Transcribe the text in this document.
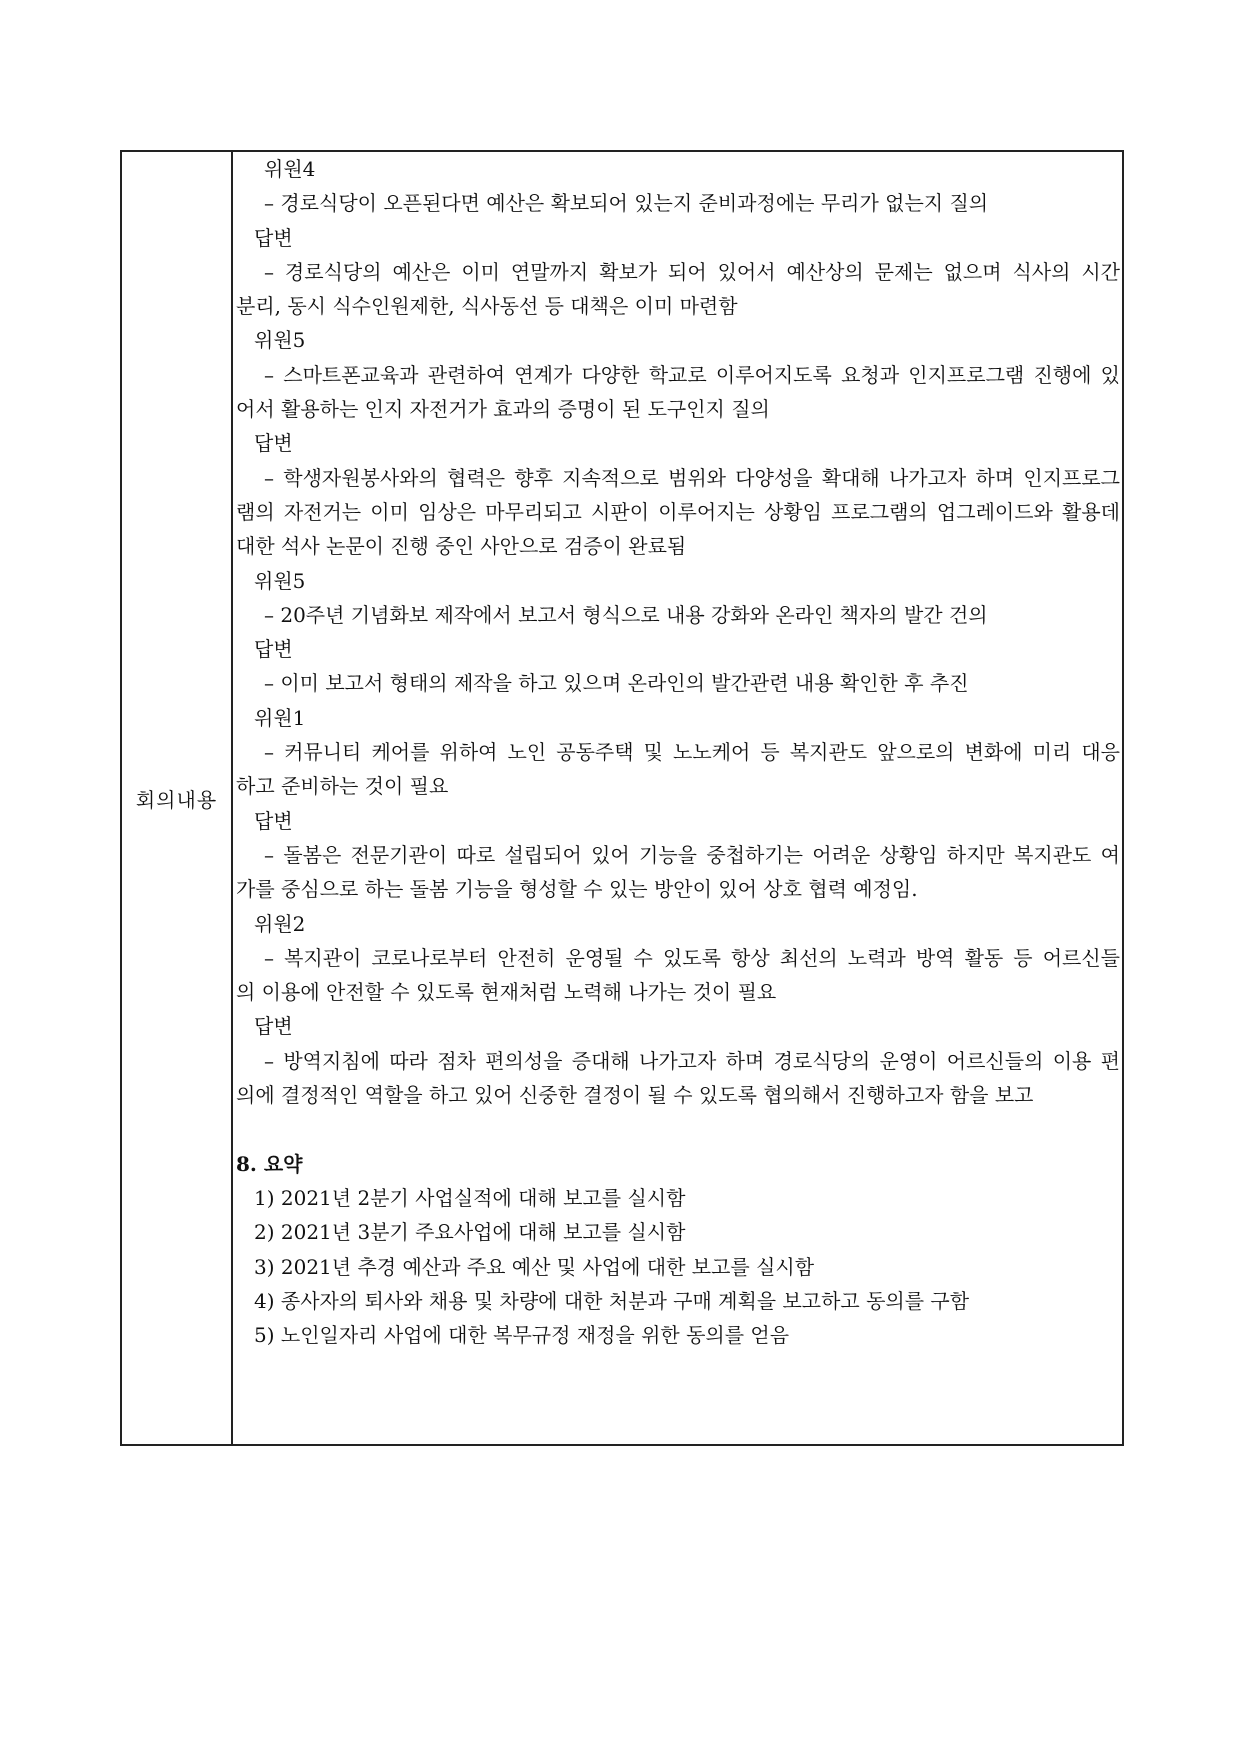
회의내용
위원4
– 경로식당이 오픈된다면 예산은 확보되어 있는지 준비과정에는 무리가 없는지 질의
답변
– 경로식당의 예산은 이미 연말까지 확보가 되어 있어서 예산상의 문제는 없으며 식사의 시간
분리, 동시 식수인원제한, 식사동선 등 대책은 이미 마련함
위원5
– 스마트폰교육과 관련하여 연계가 다양한 학교로 이루어지도록 요청과 인지프로그램 진행에 있
어서 활용하는 인지 자전거가 효과의 증명이 된 도구인지 질의
답변
– 학생자원봉사와의 협력은 향후 지속적으로 범위와 다양성을 확대해 나가고자 하며 인지프로그
램의 자전거는 이미 임상은 마무리되고 시판이 이루어지는 상황임 프로그램의 업그레이드와 활용데
대한 석사 논문이 진행 중인 사안으로 검증이 완료됨
위원5
– 20주년 기념화보 제작에서 보고서 형식으로 내용 강화와 온라인 책자의 발간 건의
답변
– 이미 보고서 형태의 제작을 하고 있으며 온라인의 발간관련 내용 확인한 후 추진
위원1
– 커뮤니티 케어를 위하여 노인 공동주택 및 노노케어 등 복지관도 앞으로의 변화에 미리 대응
하고 준비하는 것이 필요
답변
– 돌봄은 전문기관이 따로 설립되어 있어 기능을 중첩하기는 어려운 상황임 하지만 복지관도 여
가를 중심으로 하는 돌봄 기능을 형성할 수 있는 방안이 있어 상호 협력 예정임.
위원2
– 복지관이 코로나로부터 안전히 운영될 수 있도록 항상 최선의 노력과 방역 활동 등 어르신들
의 이용에 안전할 수 있도록 현재처럼 노력해 나가는 것이 필요
답변
– 방역지침에 따라 점차 편의성을 증대해 나가고자 하며 경로식당의 운영이 어르신들의 이용 편
의에 결정적인 역할을 하고 있어 신중한 결정이 될 수 있도록 협의해서 진행하고자 함을 보고
8. 요약
1) 2021년 2분기 사업실적에 대해 보고를 실시함
2) 2021년 3분기 주요사업에 대해 보고를 실시함
3) 2021년 추경 예산과 주요 예산 및 사업에 대한 보고를 실시함
4) 종사자의 퇴사와 채용 및 차량에 대한 처분과 구매 계획을 보고하고 동의를 구함
5) 노인일자리 사업에 대한 복무규정 재정을 위한 동의를 얻음
